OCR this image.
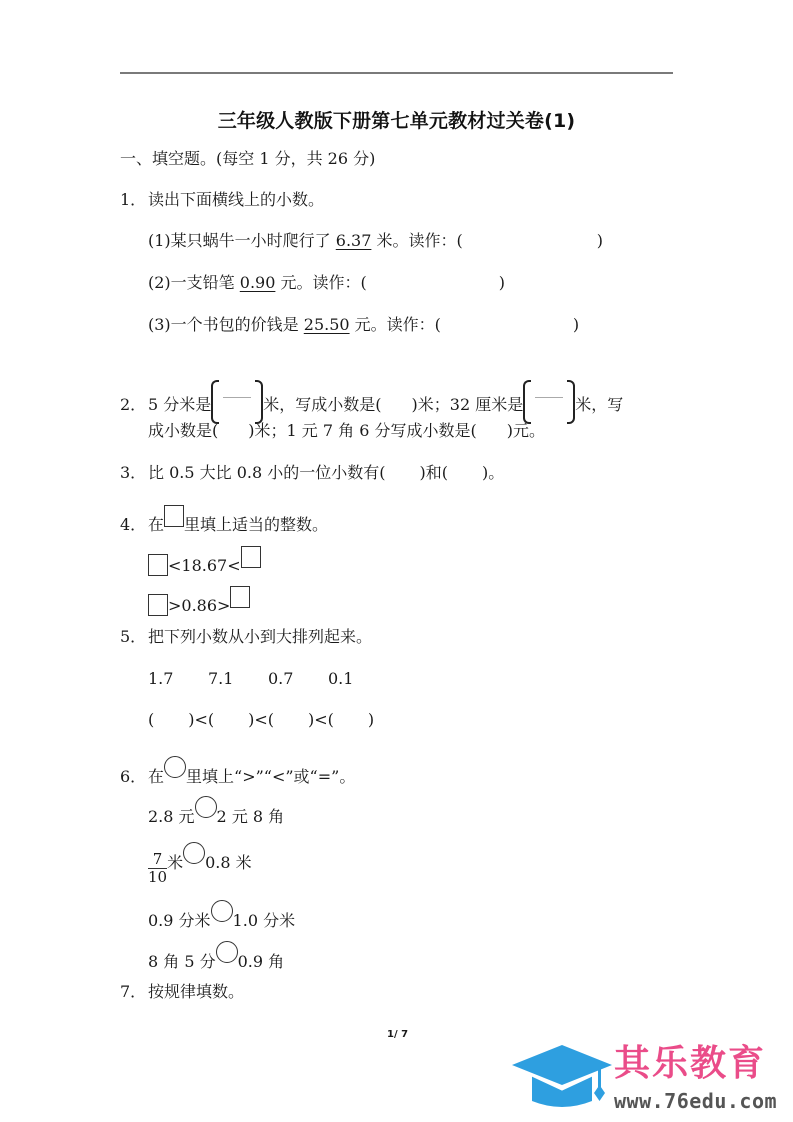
三年级人教版下册第七单元教材过关卷(1)
一、填空题。(每空 1 分，共 26 分)
1． 读出下面横线上的小数。
(1)某只蜗牛一小时爬行了 6.37 米。读作：(	)
(2)一支铅笔 0.90 元。读作：(	)
(3)一个书包的价钱是 25.50 元。读作：(	)
2． 5 分米是	米，写成小数是( )米；32 厘米是	米，写
成小数是( )米；1 元 7 角 6 分写成小数是( )元。
3． 比 0.5 大比 0.8 小的一位小数有( )和( )。
4． 在 里填上适当的整数。
<18.67<
>0.86>
5． 把下列小数从小到大排列起来。
1.7 7.1 0.7 0.1
( )<( )<( )<( )
6． 在 里填上“>”“<”或“=”。
2.8 元 2 元 8 角
$\frac{7}{10}$ 米 0.8 米
0.9 分米 1.0 分米
8 角 5 分 0.9 角
7． 按规律填数。
1/ 7
其乐教育
www.76edu.com
